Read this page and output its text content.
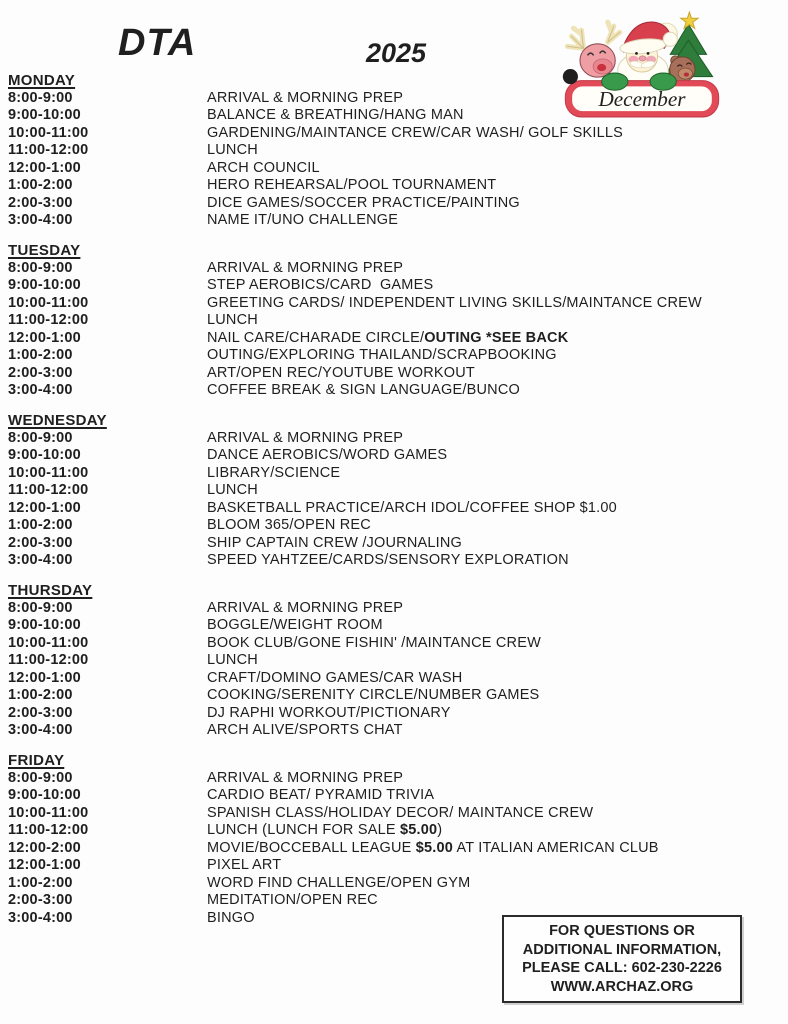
DTA	2025
December
MONDAY
8:00-9:00	ARRIVAL & MORNING PREP
9:00-10:00	BALANCE & BREATHING/HANG MAN
10:00-11:00	GARDENING/MAINTANCE CREW/CAR WASH/ GOLF SKILLS
11:00-12:00	LUNCH
12:00-1:00	ARCH COUNCIL
1:00-2:00	HERO REHEARSAL/POOL TOURNAMENT
2:00-3:00	DICE GAMES/SOCCER PRACTICE/PAINTING
3:00-4:00	NAME IT/UNO CHALLENGE
TUESDAY
8:00-9:00	ARRIVAL & MORNING PREP
9:00-10:00	STEP AEROBICS/CARD  GAMES
10:00-11:00	GREETING CARDS/ INDEPENDENT LIVING SKILLS/MAINTANCE CREW
11:00-12:00	LUNCH
12:00-1:00	NAIL CARE/CHARADE CIRCLE/OUTING *SEE BACK
1:00-2:00	OUTING/EXPLORING THAILAND/SCRAPBOOKING
2:00-3:00	ART/OPEN REC/YOUTUBE WORKOUT
3:00-4:00	COFFEE BREAK & SIGN LANGUAGE/BUNCO
WEDNESDAY
8:00-9:00	ARRIVAL & MORNING PREP
9:00-10:00	DANCE AEROBICS/WORD GAMES
10:00-11:00	LIBRARY/SCIENCE
11:00-12:00	LUNCH
12:00-1:00	BASKETBALL PRACTICE/ARCH IDOL/COFFEE SHOP $1.00
1:00-2:00	BLOOM 365/OPEN REC
2:00-3:00	SHIP CAPTAIN CREW /JOURNALING
3:00-4:00	SPEED YAHTZEE/CARDS/SENSORY EXPLORATION
THURSDAY
8:00-9:00	ARRIVAL & MORNING PREP
9:00-10:00	BOGGLE/WEIGHT ROOM
10:00-11:00	BOOK CLUB/GONE FISHIN' /MAINTANCE CREW
11:00-12:00	LUNCH
12:00-1:00	CRAFT/DOMINO GAMES/CAR WASH
1:00-2:00	COOKING/SERENITY CIRCLE/NUMBER GAMES
2:00-3:00	DJ RAPHI WORKOUT/PICTIONARY
3:00-4:00	ARCH ALIVE/SPORTS CHAT
FRIDAY
8:00-9:00	ARRIVAL & MORNING PREP
9:00-10:00	CARDIO BEAT/ PYRAMID TRIVIA
10:00-11:00	SPANISH CLASS/HOLIDAY DECOR/ MAINTANCE CREW
11:00-12:00	LUNCH (LUNCH FOR SALE $5.00)
12:00-2:00	MOVIE/BOCCEBALL LEAGUE $5.00 AT ITALIAN AMERICAN CLUB
12:00-1:00	PIXEL ART
1:00-2:00	WORD FIND CHALLENGE/OPEN GYM
2:00-3:00	MEDITATION/OPEN REC
3:00-4:00	BINGO
FOR QUESTIONS OR
ADDITIONAL INFORMATION,
PLEASE CALL: 602-230-2226
WWW.ARCHAZ.ORG
